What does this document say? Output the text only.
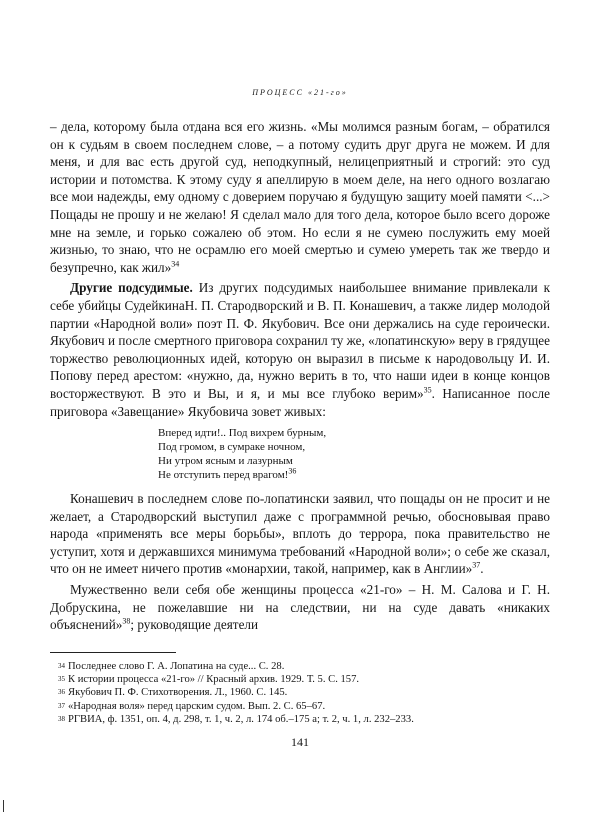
ПРОЦЕСС «21-го»

– дела, которому была отдана вся его жизнь. «Мы молимся разным богам, – обратился он к судьям в своем последнем слове, – а потому судить друг друга не можем. И для меня, и для вас есть другой суд, неподкупный, нелицеприятный и строгий: это суд истории и потомства. К этому суду я апеллирую в моем деле, на него одного возлагаю все мои надежды, ему одному с доверием поручаю я будущую защиту моей памяти <...> Пощады не прошу и не желаю! Я сделал мало для того дела, которое было всего дороже мне на земле, и горько сожалею об этом. Но если я не сумею послужить ему моей жизнью, то знаю, что не осрамлю его моей смертью и сумею умереть так же твердо и безупречно, как жил»$^{34}$

Другие подсудимые. Из других подсудимых наибольшее внимание привлекали к себе убийцы СудейкинаН. П. Стародворский и В. П. Конашевич, а также лидер молодой партии «Народной воли» поэт П. Ф. Якубович. Все они держались на суде героически. Якубович и после смертного приговора сохранил ту же, «лопатинскую» веру в грядущее торжество революционных идей, которую он выразил в письме к народовольцу И. И. Попову перед арестом: «нужно, да, нужно верить в то, что наши идеи в конце концов восторжествуют. В это и Вы, и я, и мы все глубоко верим»$^{35}$. Написанное после приговора «Завещание» Якубовича зовет живых:

Вперед идти!.. Под вихрем бурным,
Под громом, в сумраке ночном,
Ни утром ясным и лазурным
Не отступить перед врагом!$^{36}$

Конашевич в последнем слове по-лопатински заявил, что пощады он не просит и не желает, а Стародворский выступил даже с программной речью, обосновывая право народа «применять все меры борьбы», вплоть до террора, пока правительство не уступит, хотя и державшихся минимума требований «Народной воли»; о себе же сказал, что он не имеет ничего против «монархии, такой, например, как в Англии»$^{37}$.

Мужественно вели себя обе женщины процесса «21-го» – Н. М. Салова и Г. Н. Добрускина, не пожелавшие ни на следствии, ни на суде давать «никаких объяснений»$^{38}$; руководящие деятели

$^{34}$ Последнее слово Г. А. Лопатина на суде... С. 28.
$^{35}$ К истории процесса «21-го» // Красный архив. 1929. Т. 5. С. 157.
$^{36}$ Якубович П. Ф. Стихотворения. Л., 1960. С. 145.
$^{37}$ «Народная воля» перед царским судом. Вып. 2. С. 65–67.
$^{38}$ РГВИА, ф. 1351, оп. 4, д. 298, т. 1, ч. 2, л. 174 об.–175 а; т. 2, ч. 1, л. 232–233.
141
